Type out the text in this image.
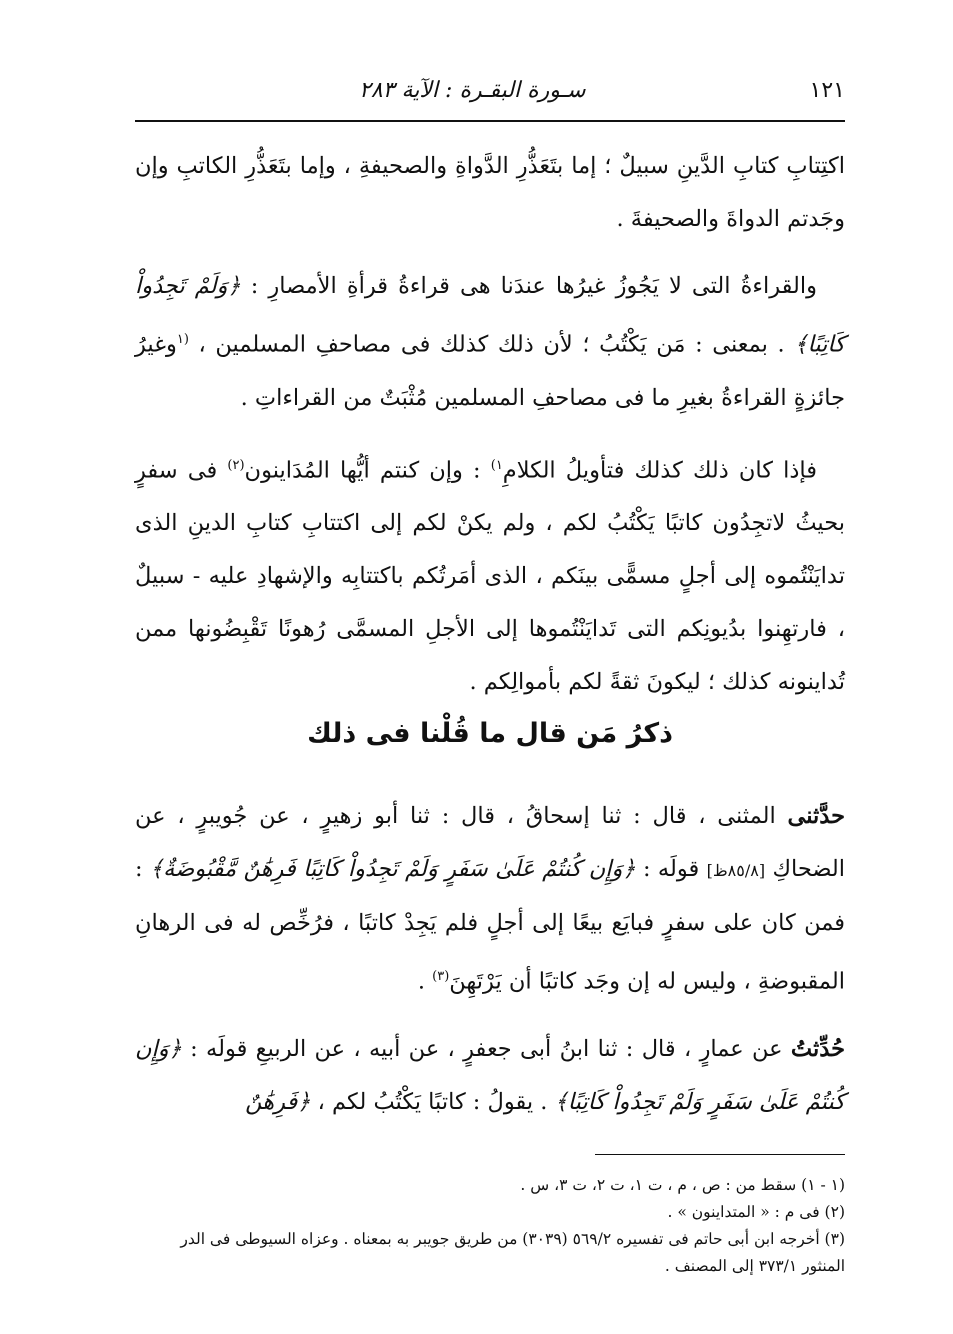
١٢١
سـورة البقـرة : الآية ٢٨٣

اكتِتابِ كتابِ الدَّينِ سبيلٌ ؛ إما بتَعَذُّرِ الدَّواةِ والصحيفةِ ، وإما بتَعَذُّرِ الكاتبِ وإن وجَدتم الدواةَ والصحيفةَ .

والقراءةُ التى لا يَجُوزُ غيرُها عندَنا هى قراءةُ قرأةِ الأمصارِ : ﴿وَلَمْ تَجِدُواْ كَاتِبًا﴾ . بمعنى : مَن يَكْتُبُ ؛ لأن ذلك كذلك فى مصاحفِ المسلمين ، $^{(١}$وغيرُ جائزةٍ القراءةُ بغيرِ ما فى مصاحفِ المسلمين مُثْبَتٌ من القراءاتِ .

فإذا كان ذلك كذلك فتأويلُ الكلامِ$^{١)}$ : وإن كنتم أيُّها المُدَاينون$^{(٢)}$ فى سفرٍ بحيثُ لاتجِدُون كاتبًا يَكْتُبُ لكم ، ولم يكنْ لكم إلى اكتتابِ كتابِ الدينِ الذى تدايَنْتُموه إلى أجلٍ مسمًّى بينَكم ، الذى أمَرتُكم باكتتابِه والإشهادِ عليه - سبيلٌ ، فارتهِنوا بدُيونِكم التى تَدايَنْتُموها إلى الأجلِ المسمَّى رُهونًا تَقْبِضُونها ممن تُداينونه كذلك ؛ ليكونَ ثقةً لكم بأموالِكم .

ذكرُ مَن قال ما قُلْنا فى ذلك

حدَّثنى المثنى ، قال : ثنا إسحاقُ ، قال : ثنا أبو زهيرٍ ، عن جُويبرٍ ، عن الضحاكِ [٨٥/٨ظ] قولَه : ﴿وَإِن كُنتُمْ عَلَىٰ سَفَرٍ وَلَمْ تَجِدُواْ كَاتِبًا فَرِهَٰنٌ مَّقْبُوضَةٌ﴾ : فمن كان على سفرٍ فبايَع بيعًا إلى أجلٍ فلم يَجِدْ كاتبًا ، فرُخِّص له فى الرهانِ المقبوضةِ ، وليس له إن وجَد كاتبًا أن يَرْتَهِنَ$^{(٣)}$ .

حُدِّثتُ عن عمارٍ ، قال : ثنا ابنُ أبى جعفرٍ ، عن أبيه ، عن الربيعِ قولَه : ﴿وَإِن كُنتُمْ عَلَىٰ سَفَرٍ وَلَمْ تَجِدُواْ كَاتِبًا﴾ . يقولُ : كاتبًا يَكْتُبُ لكم ، ﴿فَرِهَٰنٌ

(١ - ١) سقط من : ص ، م ، ت ١، ت ٢، ت ٣، س .
(٢) فى م : « المتداينون » .
(٣) أخرجه ابن أبى حاتم فى تفسيره ٥٦٩/٢ (٣٠٣٩) من طريق جويبر به بمعناه . وعزاه السيوطى فى الدر المنثور ٣٧٣/١ إلى المصنف .
